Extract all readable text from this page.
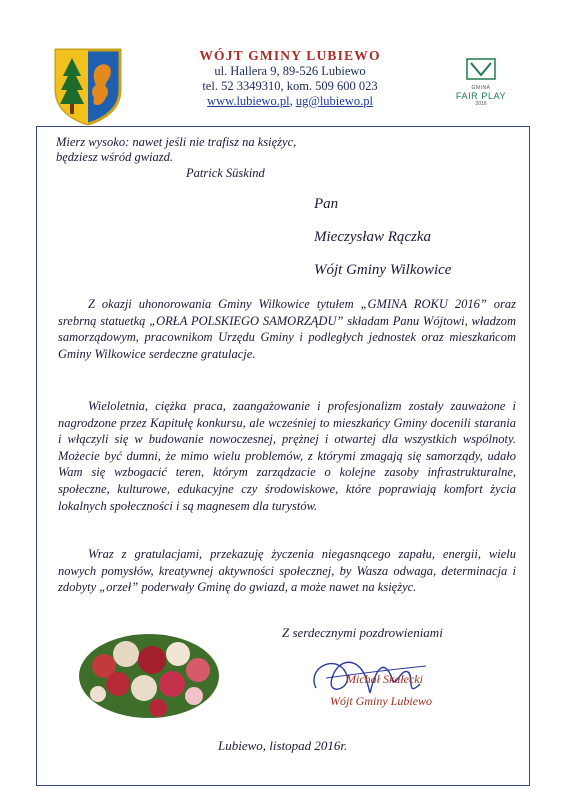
WÓJT GMINY LUBIEWO
ul. Hallera 9, 89-526 Lubiewo
tel. 52 3349310, kom. 509 600 023
www.lubiewo.pl, ug@lubiewo.pl
GMINA
FAIR PLAY
2016
Mierz wysoko: nawet jeśli nie trafisz na księżyc,
będziesz wśród gwiazd.
Patrick Süskind
Pan
Mieczysław Rączka
Wójt Gminy Wilkowice
Z okazji uhonorowania Gminy Wilkowice tytułem „GMINA ROKU 2016” oraz srebrną statuetką „ORŁA POLSKIEGO SAMORZĄDU” składam Panu Wójtowi, władzom samorządowym, pracownikom Urzędu Gminy i podległych jednostek oraz mieszkańcom Gminy Wilkowice serdeczne gratulacje.
Wieloletnia, ciężka praca, zaangażowanie i profesjonalizm zostały zauważone i nagrodzone przez Kapitułę konkursu, ale wcześniej to mieszkańcy Gminy docenili starania i włączyli się w budowanie nowoczesnej, prężnej i otwartej dla wszystkich wspólnoty. Możecie być dumni, że mimo wielu problemów, z którymi zmagają się samorządy, udało Wam się wzbogacić teren, którym zarządzacie o kolejne zasoby infrastrukturalne, społeczne, kulturowe, edukacyjne czy środowiskowe, które poprawiają komfort życia lokalnych społeczności i są magnesem dla turystów.
Wraz z gratulacjami, przekazuję życzenia niegasnącego zapału, energii, wielu nowych pomysłów, kreatywnej aktywności społecznej, by Wasza odwaga, determinacja i zdobyty „orzeł” poderwały Gminę do gwiazd, a może nawet na księżyc.
Z serdecznymi pozdrowieniami
Michał Skałecki
Wójt Gminy Lubiewo
Lubiewo, listopad 2016r.
